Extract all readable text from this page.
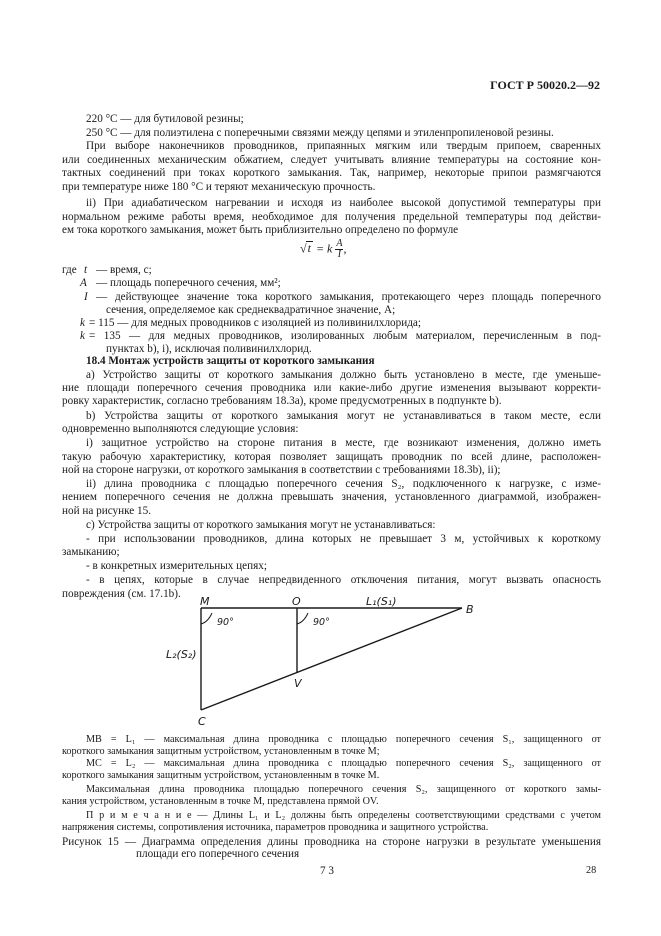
ГОСТ Р 50020.2—92
220 °С — для бутиловой резины;
250 °С — для полиэтилена с поперечными связями между цепями и этиленпропиленовой резины.
При выборе наконечников проводников, припаянных мягким или твердым припоем, сваренных
или соединенных механическим обжатием, следует учитывать влияние температуры на состояние кон-
тактных соединений при токах короткого замыкания. Так, например, некоторые припои размягчаются
при температуре ниже 180 °С и теряют механическую прочность.
ii) При адиабатическом нагревании и исходя из наиболее высокой допустимой температуры при
нормальном режиме работы время, необходимое для получения предельной температуры под действи-
ем тока короткого замыкания, может быть приблизительно определено по формуле
√t = k $\frac{A}{I}$ ,
где t — время, с;
A — площадь поперечного сечения, мм²;
I — действующее значение тока короткого замыкания, протекающего через площадь поперечного
сечения, определяемое как среднеквадратичное значение, А;
k = 115 — для медных проводников с изоляцией из поливинилхлорида;
k = 135 — для медных проводников, изолированных любым материалом, перечисленным в под-
пунктах b), i), исключая поливинилхлорид.
18.4 Монтаж устройств защиты от короткого замыкания
а) Устройство защиты от короткого замыкания должно быть установлено в месте, где уменьше-
ние площади поперечного сечения проводника или какие-либо другие изменения вызывают корректи-
ровку характеристик, согласно требованиям 18.3а), кроме предусмотренных в подпункте b).
b) Устройства защиты от короткого замыкания могут не устанавливаться в таком месте, если
одновременно выполняются следующие условия:
i) защитное устройство на стороне питания в месте, где возникают изменения, должно иметь
такую рабочую характеристику, которая позволяет защищать проводник по всей длине, расположен-
ной на стороне нагрузки, от короткого замыкания в соответствии с требованиями 18.3b), ii);
ii) длина проводника с площадью поперечного сечения S₂, подключенного к нагрузке, с изме-
нением поперечного сечения не должна превышать значения, установленного диаграммой, изображен-
ной на рисунке 15.
с) Устройства защиты от короткого замыкания могут не устанавливаться:
- при использовании проводников, длина которых не превышает 3 м, устойчивых к короткому
замыканию;
- в конкретных измерительных цепях;
- в цепях, которые в случае непредвиденного отключения питания, могут вызвать опасность
повреждения (см. 17.1b).
M	O
B
C
V
L₁(S₁)
L₂(S₂)
90°	90°
MB = L₁ — максимальная длина проводника с площадью поперечного сечения S₁, защищенного от
короткого замыкания защитным устройством, установленным в точке M;
MC = L₂ — максимальная длина проводника с площадью поперечного сечения S₂, защищенного от
короткого замыкания защитным устройством, установленным в точке M.
Максимальная длина проводника площадью поперечного сечения S₂, защищенного от короткого замы-
кания устройством, установленным в точке M, представлена прямой OV.
П р и м е ч а н и е — Длины L₁ и L₂ должны быть определены соответствующими средствами с учетом
напряжения системы, сопротивления источника, параметров проводника и защитного устройства.
Рисунок 15 — Диаграмма определения длины проводника на стороне нагрузки в результате уменьшения
площади его поперечного сечения
7 3	28
